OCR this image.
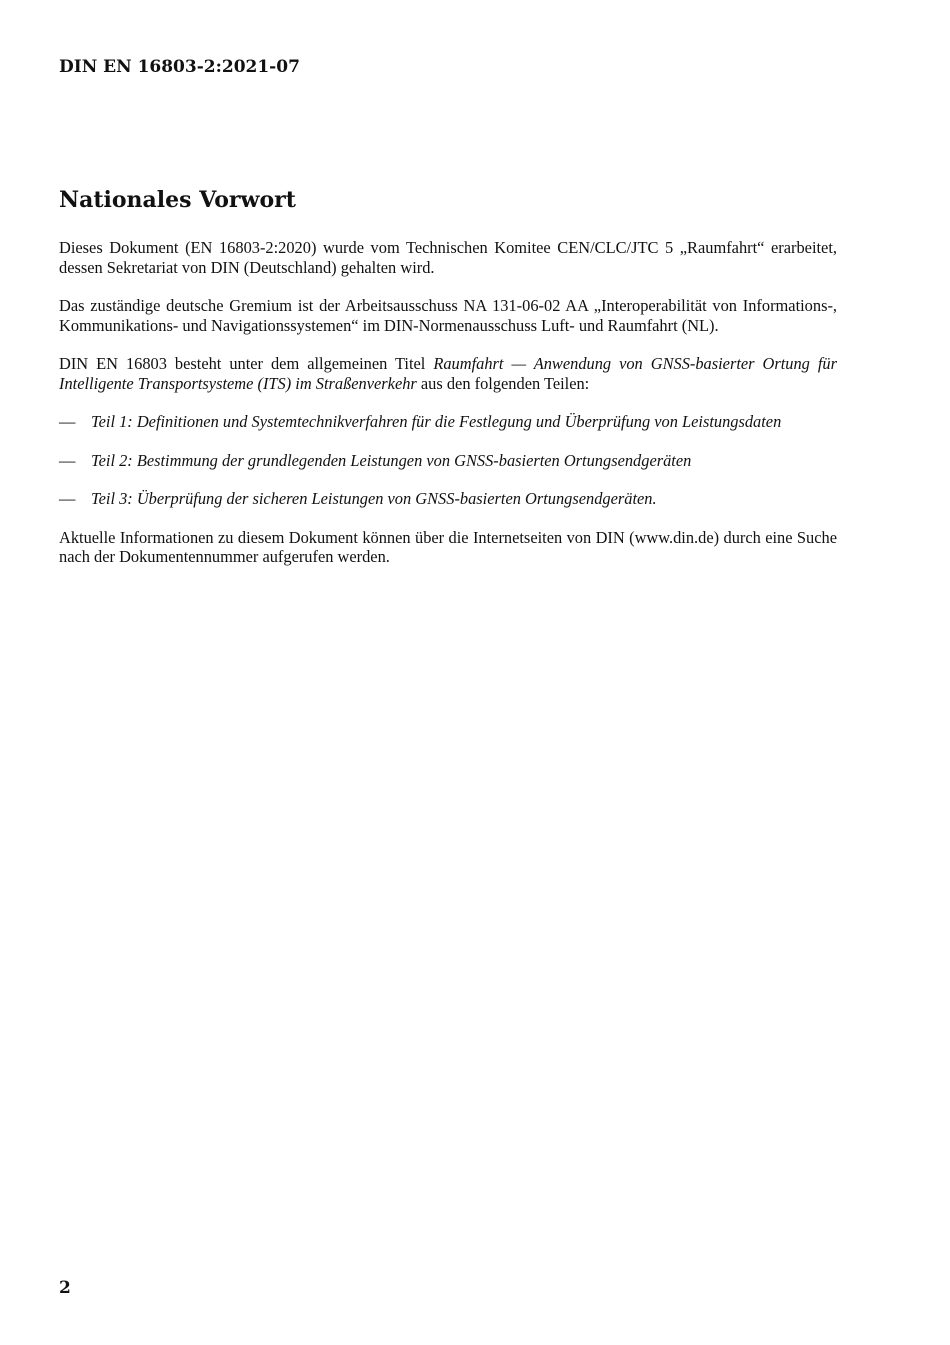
DIN EN 16803-2:2021-07
Nationales Vorwort

Dieses Dokument (EN 16803-2:2020) wurde vom Technischen Komitee CEN/CLC/JTC 5 „Raumfahrt“ erarbeitet, dessen Sekretariat von DIN (Deutschland) gehalten wird.

Das zuständige deutsche Gremium ist der Arbeitsausschuss NA 131-06-02 AA „Interoperabilität von Informations-, Kommunikations- und Navigationssystemen“ im DIN-Normenausschuss Luft- und Raumfahrt (NL).

DIN EN 16803 besteht unter dem allgemeinen Titel Raumfahrt — Anwendung von GNSS-basierter Ortung für Intelligente Transportsysteme (ITS) im Straßenverkehr aus den folgenden Teilen:

— Teil 1: Definitionen und Systemtechnikverfahren für die Festlegung und Überprüfung von Leistungsdaten
— Teil 2: Bestimmung der grundlegenden Leistungen von GNSS-basierten Ortungsendgeräten
— Teil 3: Überprüfung der sicheren Leistungen von GNSS-basierten Ortungsendgeräten.

Aktuelle Informationen zu diesem Dokument können über die Internetseiten von DIN (www.din.de) durch eine Suche nach der Dokumentennummer aufgerufen werden.

2
